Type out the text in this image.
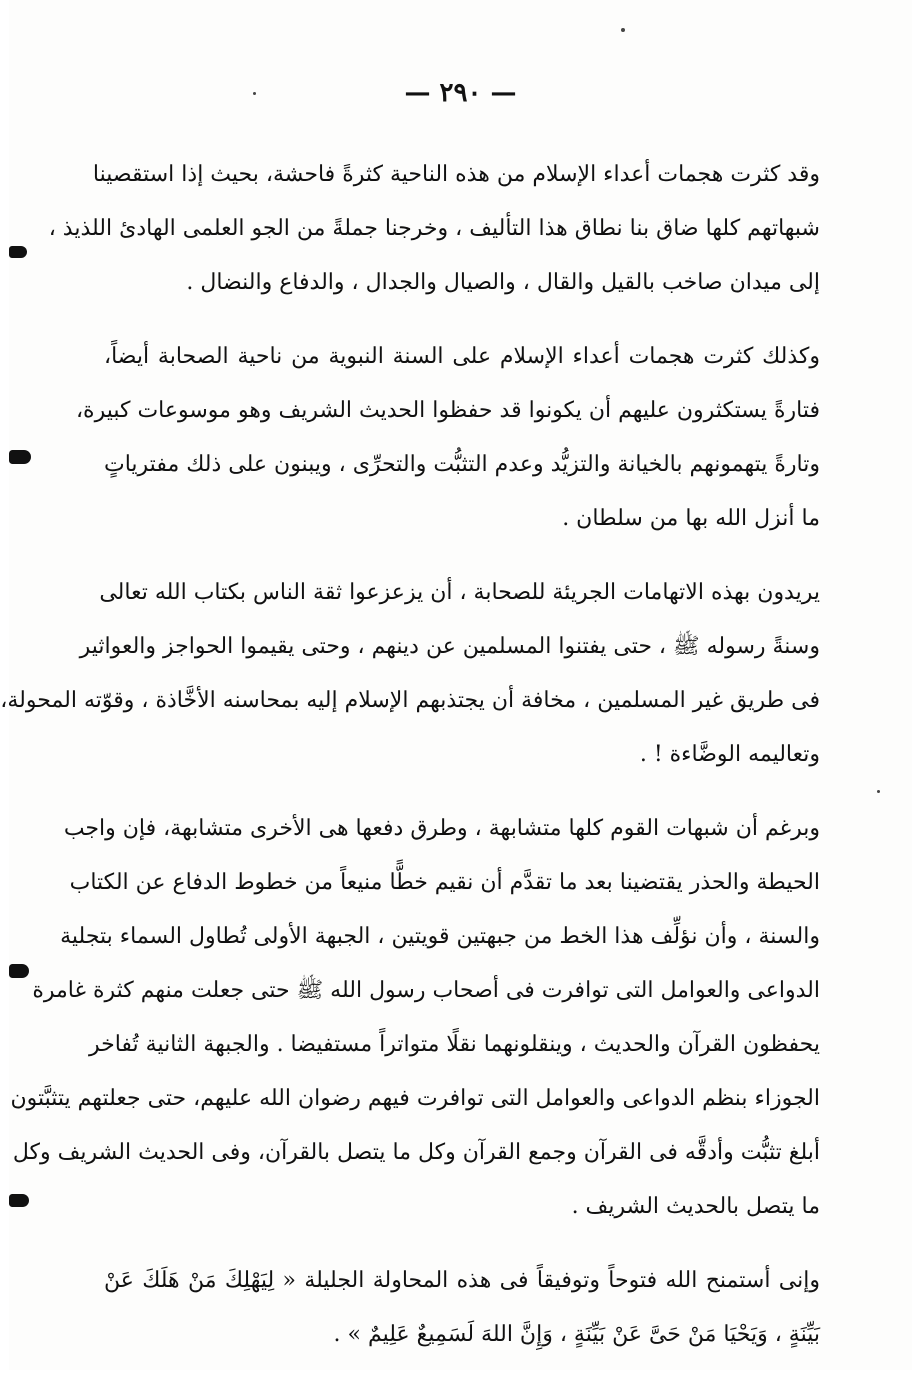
— ٢٩٠ —
وقد كثرت هجمات أعداء الإسلام من هذه الناحية كثرةً فاحشة، بحيث إذا استقصينا
شبهاتهم كلها ضاق بنا نطاق هذا التأليف ، وخرجنا جملةً من الجو العلمى الهادئ اللذيذ ،
إلى ميدان صاخب بالقيل والقال ، والصيال والجدال ، والدفاع والنضال .
وكذلك كثرت هجمات أعداء الإسلام على السنة النبوية من ناحية الصحابة أيضاً،
فتارةً يستكثرون عليهم أن يكونوا قد حفظوا الحديث الشريف وهو موسوعات كبيرة،
وتارةً يتهمونهم بالخيانة والتزيُّد وعدم التثبُّت والتحرِّى ، ويبنون على ذلك مفترياتٍ
ما أنزل الله بها من سلطان .
يريدون بهذه الاتهامات الجريئة للصحابة ، أن يزعزعوا ثقة الناس بكتاب الله تعالى
وسنةً رسوله ﷺ ، حتى يفتنوا المسلمين عن دينهم ، وحتى يقيموا الحواجز والعواثير
فى طريق غير المسلمين ، مخافة أن يجتذبهم الإسلام إليه بمحاسنه الأخَّاذة ، وقوّته المحولة،
وتعاليمه الوضَّاءة ! .
وبرغم أن شبهات القوم كلها متشابهة ، وطرق دفعها هى الأخرى متشابهة، فإن واجب
الحيطة والحذر يقتضينا بعد ما تقدَّم أن نقيم خطًّا منيعاً من خطوط الدفاع عن الكتاب
والسنة ، وأن نؤلِّف هذا الخط من جبهتين قويتين ، الجبهة الأولى تُطاول السماء بتجلية
الدواعى والعوامل التى توافرت فى أصحاب رسول الله ﷺ حتى جعلت منهم كثرة غامرة
يحفظون القرآن والحديث ، وينقلونهما نقلًا متواتراً مستفيضا . والجبهة الثانية تُفاخر
الجوزاء بنظم الدواعى والعوامل التى توافرت فيهم رضوان الله عليهم، حتى جعلتهم يتثبَّتون
أبلغ تثبُّت وأدقَّه فى القرآن وجمع القرآن وكل ما يتصل بالقرآن، وفى الحديث الشريف وكل
ما يتصل بالحديث الشريف .
وإنى أستمنح الله فتوحاً وتوفيقاً فى هذه المحاولة الجليلة « لِيَهْلِكَ مَنْ هَلَكَ عَنْ
بَيِّنَةٍ ، وَيَحْيَا مَنْ حَىَّ عَنْ بَيِّنَةٍ ، وَإِنَّ اللهَ لَسَمِيعٌ عَلِيمٌ » .
